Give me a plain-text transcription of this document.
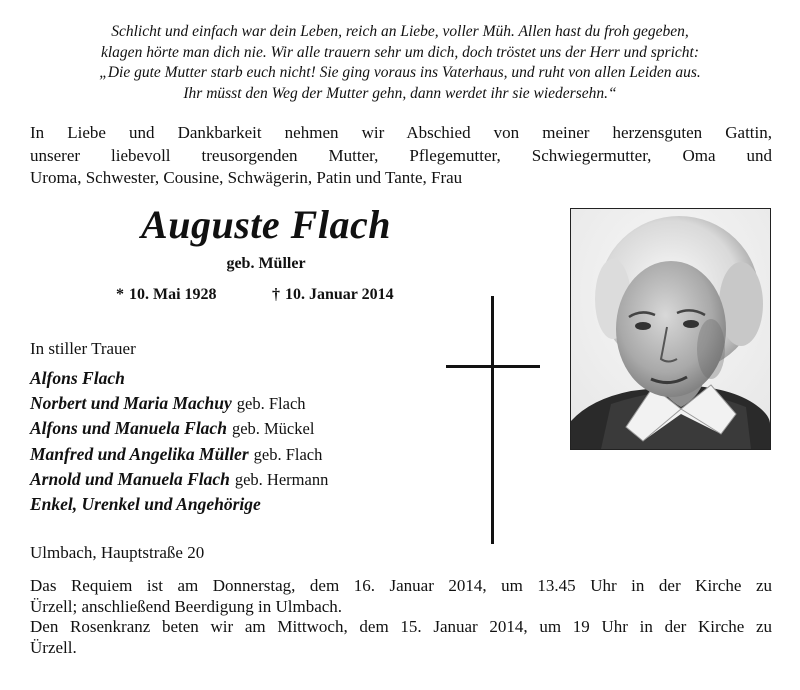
Schlicht und einfach war dein Leben, reich an Liebe, voller Müh. Allen hast du froh gegeben,
klagen hörte man dich nie. Wir alle trauern sehr um dich, doch tröstet uns der Herr und spricht:
„Die gute Mutter starb euch nicht! Sie ging voraus ins Vaterhaus, und ruht von allen Leiden aus.
Ihr müsst den Weg der Mutter gehn, dann werdet ihr sie wiedersehn.“
In Liebe und Dankbarkeit nehmen wir Abschied von meiner herzensguten Gattin,
unserer liebevoll treusorgenden Mutter, Pflegemutter, Schwiegermutter, Oma und
Uroma, Schwester, Cousine, Schwägerin, Patin und Tante, Frau
Auguste Flach
geb. Müller
* 10. Mai 1928	† 10. Januar 2014
In stiller Trauer
Alfons Flach
Norbert und Maria Machuy geb. Flach
Alfons und Manuela Flach geb. Mückel
Manfred und Angelika Müller geb. Flach
Arnold und Manuela Flach geb. Hermann
Enkel, Urenkel und Angehörige
Ulmbach, Hauptstraße 20
Das Requiem ist am Donnerstag, dem 16. Januar 2014, um 13.45 Uhr in der Kirche zu
Ürzell; anschließend Beerdigung in Ulmbach.
Den Rosenkranz beten wir am Mittwoch, dem 15. Januar 2014, um 19 Uhr in der Kirche zu
Ürzell.
